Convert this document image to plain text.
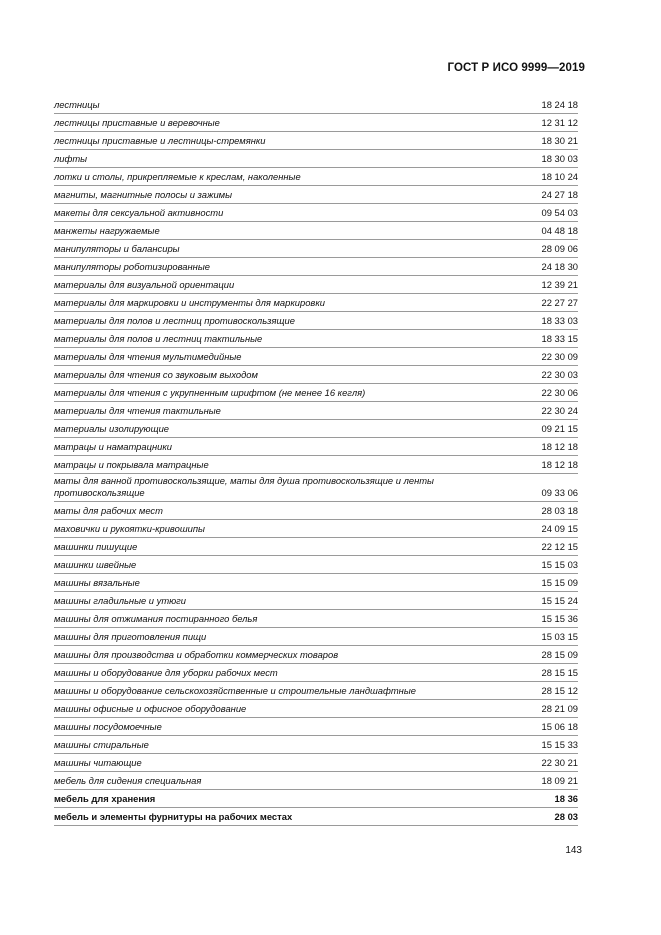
ГОСТ Р ИСО 9999—2019
лестницы	18 24 18
лестницы приставные и веревочные	12 31 12
лестницы приставные и лестницы-стремянки	18 30 21
лифты	18 30 03
лотки и столы, прикрепляемые к креслам, наколенные	18 10 24
магниты, магнитные полосы и зажимы	24 27 18
макеты для сексуальной активности	09 54 03
манжеты нагружаемые	04 48 18
манипуляторы и балансиры	28 09 06
манипуляторы роботизированные	24 18 30
материалы для визуальной ориентации	12 39 21
материалы для маркировки и инструменты для маркировки	22 27 27
материалы для полов и лестниц противоскользящие	18 33 03
материалы для полов и лестниц тактильные	18 33 15
материалы для чтения мультимедийные	22 30 09
материалы для чтения со звуковым выходом	22 30 03
материалы для чтения с укрупненным шрифтом (не менее 16 кегля)	22 30 06
материалы для чтения тактильные	22 30 24
материалы изолирующие	09 21 15
матрацы и наматрацники	18 12 18
матрацы и покрывала матрацные	18 12 18
маты для ванной противоскользящие, маты для душа противоскользящие и ленты противоскользящие	09 33 06
маты для рабочих мест	28 03 18
маховички и рукоятки-кривошипы	24 09 15
машинки пишущие	22 12 15
машинки швейные	15 15 03
машины вязальные	15 15 09
машины гладильные и утюги	15 15 24
машины для отжимания постиранного белья	15 15 36
машины для приготовления пищи	15 03 15
машины для производства и обработки коммерческих товаров	28 15 09
машины и оборудование для уборки рабочих мест	28 15 15
машины и оборудование сельскохозяйственные и строительные ландшафтные	28 15 12
машины офисные и офисное оборудование	28 21 09
машины посудомоечные	15 06 18
машины стиральные	15 15 33
машины читающие	22 30 21
мебель для сидения специальная	18 09 21
мебель для хранения	18 36
мебель и элементы фурнитуры на рабочих местах	28 03
143
